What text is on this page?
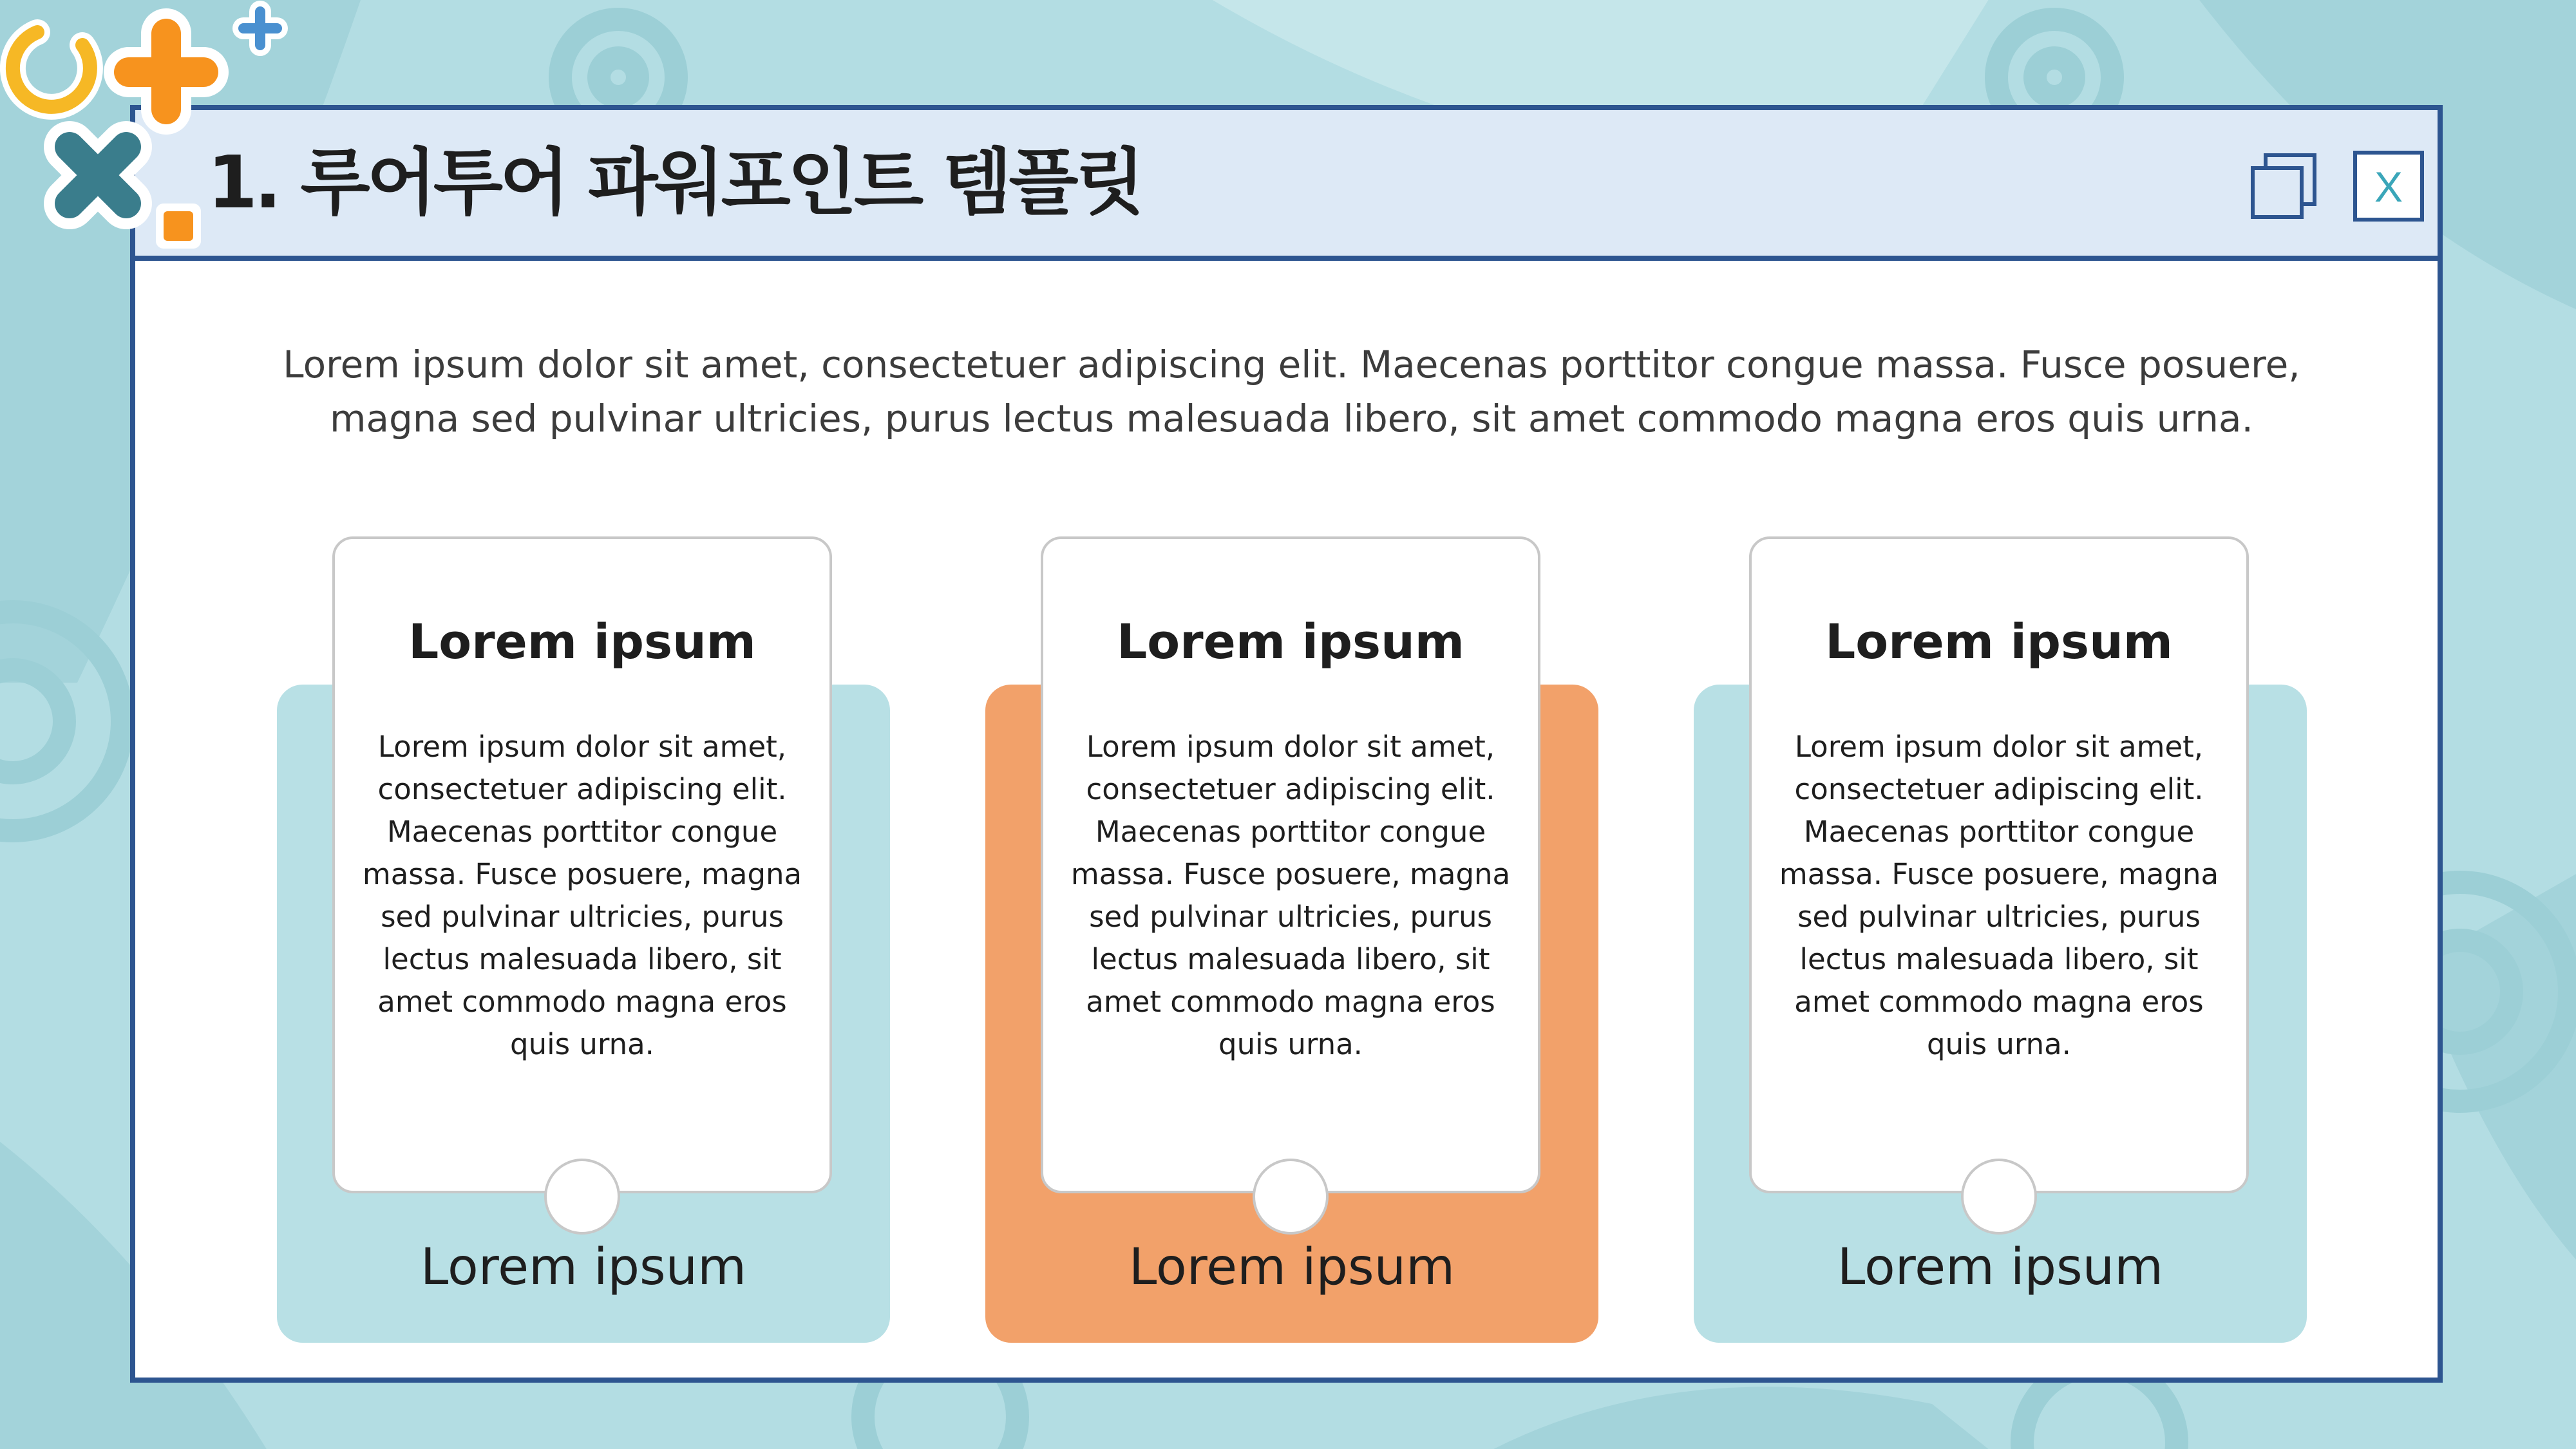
1. 루어투어 파워포인트 템플릿	X
Lorem ipsum dolor sit amet, consectetuer adipiscing elit. Maecenas porttitor congue massa. Fusce posuere, magna sed pulvinar ultricies, purus lectus malesuada libero, sit amet commodo magna eros quis urna.
Lorem ipsum
Lorem ipsum dolor sit amet, consectetuer adipiscing elit. Maecenas porttitor congue massa. Fusce posuere, magna sed pulvinar ultricies, purus lectus malesuada libero, sit amet commodo magna eros quis urna.
Lorem ipsum
Lorem ipsum
Lorem ipsum dolor sit amet, consectetuer adipiscing elit. Maecenas porttitor congue massa. Fusce posuere, magna sed pulvinar ultricies, purus lectus malesuada libero, sit amet commodo magna eros quis urna.
Lorem ipsum
Lorem ipsum
Lorem ipsum dolor sit amet, consectetuer adipiscing elit. Maecenas porttitor congue massa. Fusce posuere, magna sed pulvinar ultricies, purus lectus malesuada libero, sit amet commodo magna eros quis urna.
Lorem ipsum
